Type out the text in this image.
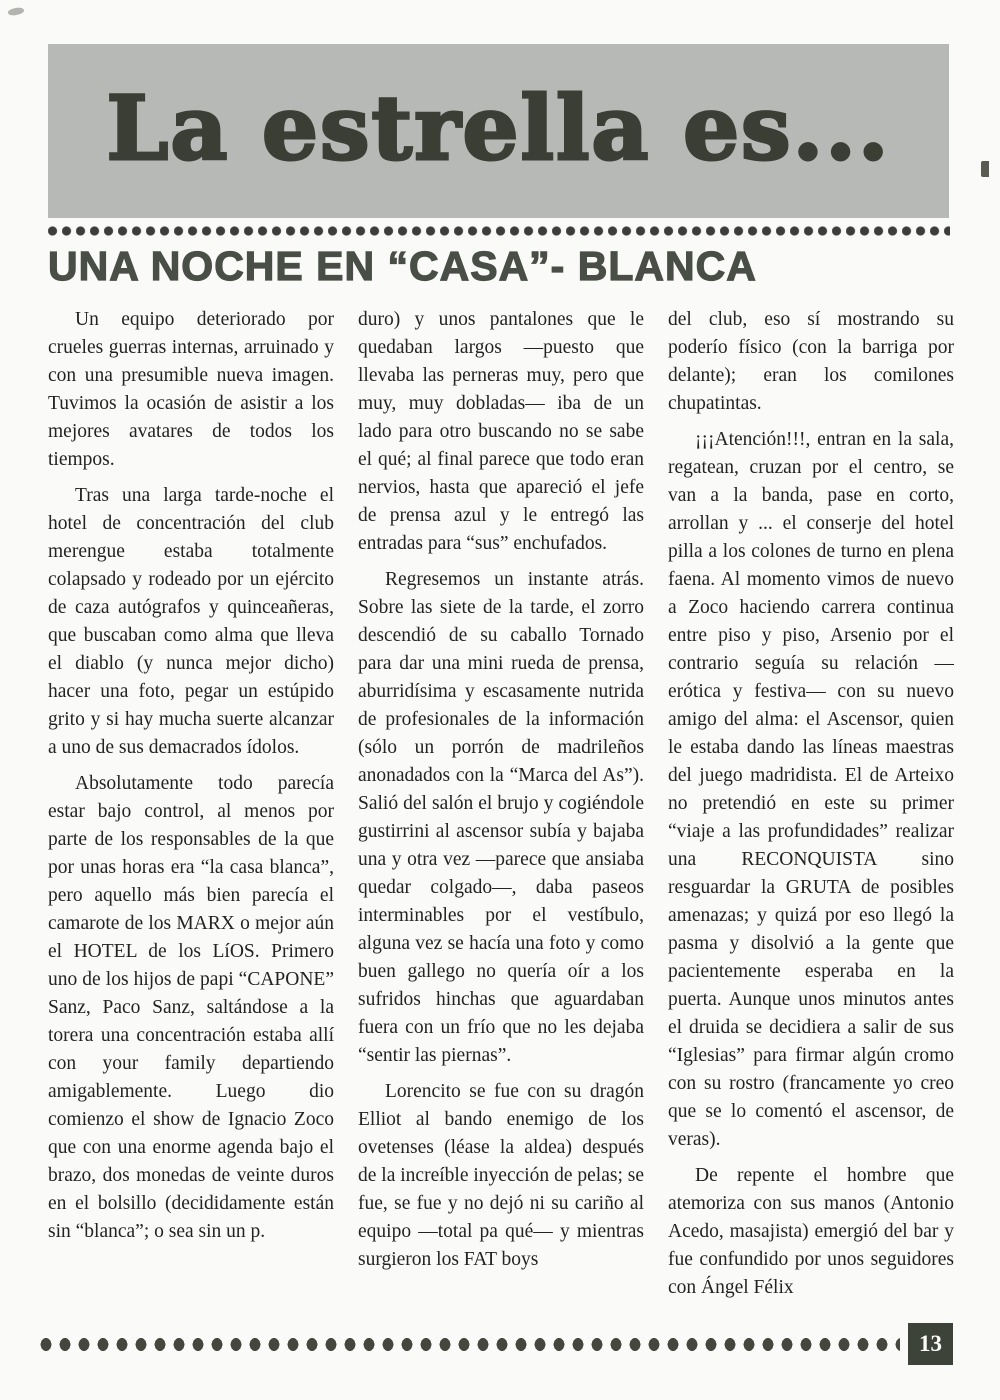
La estrella es...
UNA NOCHE EN “CASA”- BLANCA

Un equipo deteriorado por crueles guerras internas, arruinado y con una presumible nueva imagen. Tuvimos la ocasión de asistir a los mejores avatares de todos los tiempos.

Tras una larga tarde-noche el hotel de concentración del club merengue estaba totalmente colapsado y rodeado por un ejército de caza autógrafos y quinceañeras, que buscaban como alma que lleva el diablo (y nunca mejor dicho) hacer una foto, pegar un estúpido grito y si hay mucha suerte alcanzar a uno de sus demacrados ídolos.

Absolutamente todo parecía estar bajo control, al menos por parte de los responsables de la que por unas horas era “la casa blanca”, pero aquello más bien parecía el camarote de los MARX o mejor aún el HOTEL de los LíOS. Primero uno de los hijos de papi “CAPONE” Sanz, Paco Sanz, saltándose a la torera una concentración estaba allí con your family departiendo amigablemente. Luego dio comienzo el show de Ignacio Zoco que con una enorme agenda bajo el brazo, dos monedas de veinte duros en el bolsillo (decididamente están sin “blanca”; o sea sin un p.

duro) y unos pantalones que le quedaban largos —puesto que llevaba las perneras muy, pero que muy, muy dobladas— iba de un lado para otro buscando no se sabe el qué; al final parece que todo eran nervios, hasta que apareció el jefe de prensa azul y le entregó las entradas para “sus” enchufados.

Regresemos un instante atrás. Sobre las siete de la tarde, el zorro descendió de su caballo Tornado para dar una mini rueda de prensa, aburridísima y escasamente nutrida de profesionales de la información (sólo un porrón de madrileños anonadados con la “Marca del As”). Salió del salón el brujo y cogiéndole gustirrini al ascensor subía y bajaba una y otra vez —parece que ansiaba quedar colgado—, daba paseos interminables por el vestíbulo, alguna vez se hacía una foto y como buen gallego no quería oír a los sufridos hinchas que aguardaban fuera con un frío que no les dejaba “sentir las piernas”.

Lorencito se fue con su dragón Elliot al bando enemigo de los ovetenses (léase la aldea) después de la increíble inyección de pelas; se fue, se fue y no dejó ni su cariño al equipo —total pa qué— y mientras surgieron los FAT boys

del club, eso sí mostrando su poderío físico (con la barriga por delante); eran los comilones chupatintas.

¡¡¡Atención!!!, entran en la sala, regatean, cruzan por el centro, se van a la banda, pase en corto, arrollan y ... el conserje del hotel pilla a los colones de turno en plena faena. Al momento vimos de nuevo a Zoco haciendo carrera continua entre piso y piso, Arsenio por el contrario seguía su relación —erótica y festiva— con su nuevo amigo del alma: el Ascensor, quien le estaba dando las líneas maestras del juego madridista. El de Arteixo no pretendió en este su primer “viaje a las profundidades” realizar una RECONQUISTA sino resguardar la GRUTA de posibles amenazas; y quizá por eso llegó la pasma y disolvió a la gente que pacientemente esperaba en la puerta. Aunque unos minutos antes el druida se decidiera a salir de sus “Iglesias” para firmar algún cromo con su rostro (francamente yo creo que se lo comentó el ascensor, de veras).

De repente el hombre que atemoriza con sus manos (Antonio Acedo, masajista) emergió del bar y fue confundido por unos seguidores con Ángel Félix

13
